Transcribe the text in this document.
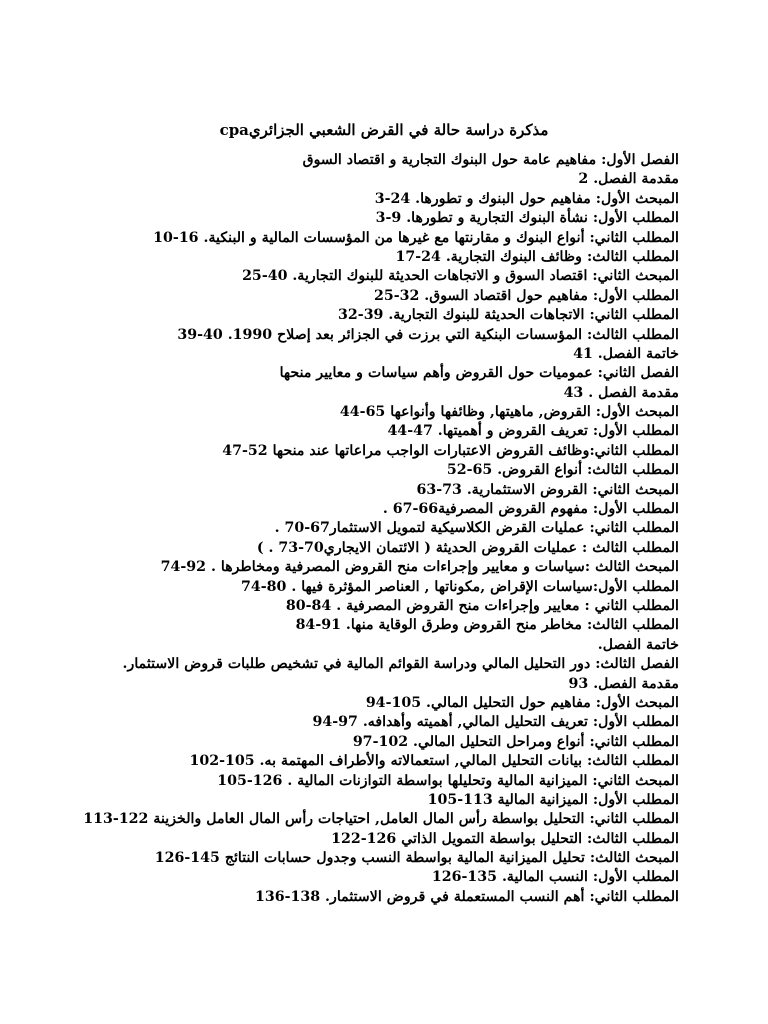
مذكرة دراسة حالة في القرض الشعبي الجزائريcpa
الفصل الأول: مفاهيم عامة حول البنوك التجارية و اقتصاد السوق
مقدمة الفصل. 2
المبحث الأول: مفاهيم حول البنوك و تطورها. 24-3
المطلب الأول: نشأة البنوك التجارية و تطورها. 9-3
المطلب الثاني: أنواع البنوك و مقارنتها مع غيرها من المؤسسات المالية و البنكية. 16-10
المطلب الثالث: وظائف البنوك التجارية. 24-17
المبحث الثاني: اقتصاد السوق و الاتجاهات الحديثة للبنوك التجارية. 40-25
المطلب الأول: مفاهيم حول اقتصاد السوق. 32-25
المطلب الثاني: الاتجاهات الحديثة للبنوك التجارية. 39-32
المطلب الثالث: المؤسسات البنكية التي برزت في الجزائر بعد إصلاح 1990. 40-39
خاتمة الفصل. 41
الفصل الثاني: عموميات حول القروض وأهم سياسات و معايير منحها
مقدمة الفصل . 43
المبحث الأول: القروض, ماهيتها, وظائفها وأنواعها 65-44
المطلب الأول: تعريف القروض و أهميتها. 47-44
المطلب الثاني:وظائف القروض الاعتبارات الواجب مراعاتها عند منحها 52-47
المطلب الثالث: أنواع القروض. 65-52
المبحث الثاني: القروض الاستثمارية. 73-63
المطلب الأول: مفهوم القروض المصرفية66-67 .
المطلب الثاني: عمليات القرض الكلاسيكية لتمويل الاستثمار67-70 .
المطلب الثالث : عمليات القروض الحديثة ( الائتمان الايجاري70-73 . )
المبحث الثالث :سياسات و معايير وإجراءات منح القروض المصرفية ومخاطرها . 92-74
المطلب الأول:سياسات الإقراض ,مكوناتها , العناصر المؤثرة فيها . 80-74
المطلب الثاني : معايير وإجراءات منح القروض المصرفية . 84-80
المطلب الثالث: مخاطر منح القروض وطرق الوقاية منها. 91-84
خاتمة الفصل.
الفصل الثالث: دور التحليل المالي ودراسة القوائم المالية في تشخيص طلبات قروض الاستثمار.
مقدمة الفصل. 93
المبحث الأول: مفاهيم حول التحليل المالي. 105-94
المطلب الأول: تعريف التحليل المالي, أهميته وأهدافه. 97-94
المطلب الثاني: أنواع ومراحل التحليل المالي. 102-97
المطلب الثالث: بيانات التحليل المالي, استعمالاته والأطراف المهتمة به. 105-102
المبحث الثاني: الميزانية المالية وتحليلها بواسطة التوازنات المالية . 126-105
المطلب الأول: الميزانية المالية 113-105
المطلب الثاني: التحليل بواسطة رأس المال العامل, احتياجات رأس المال العامل والخزينة 122-113
المطلب الثالث: التحليل بواسطة التمويل الذاتي 126-122
المبحث الثالث: تحليل الميزانية المالية بواسطة النسب وجدول حسابات النتائج 145-126
المطلب الأول: النسب المالية. 135-126
المطلب الثاني: أهم النسب المستعملة في قروض الاستثمار. 138-136
